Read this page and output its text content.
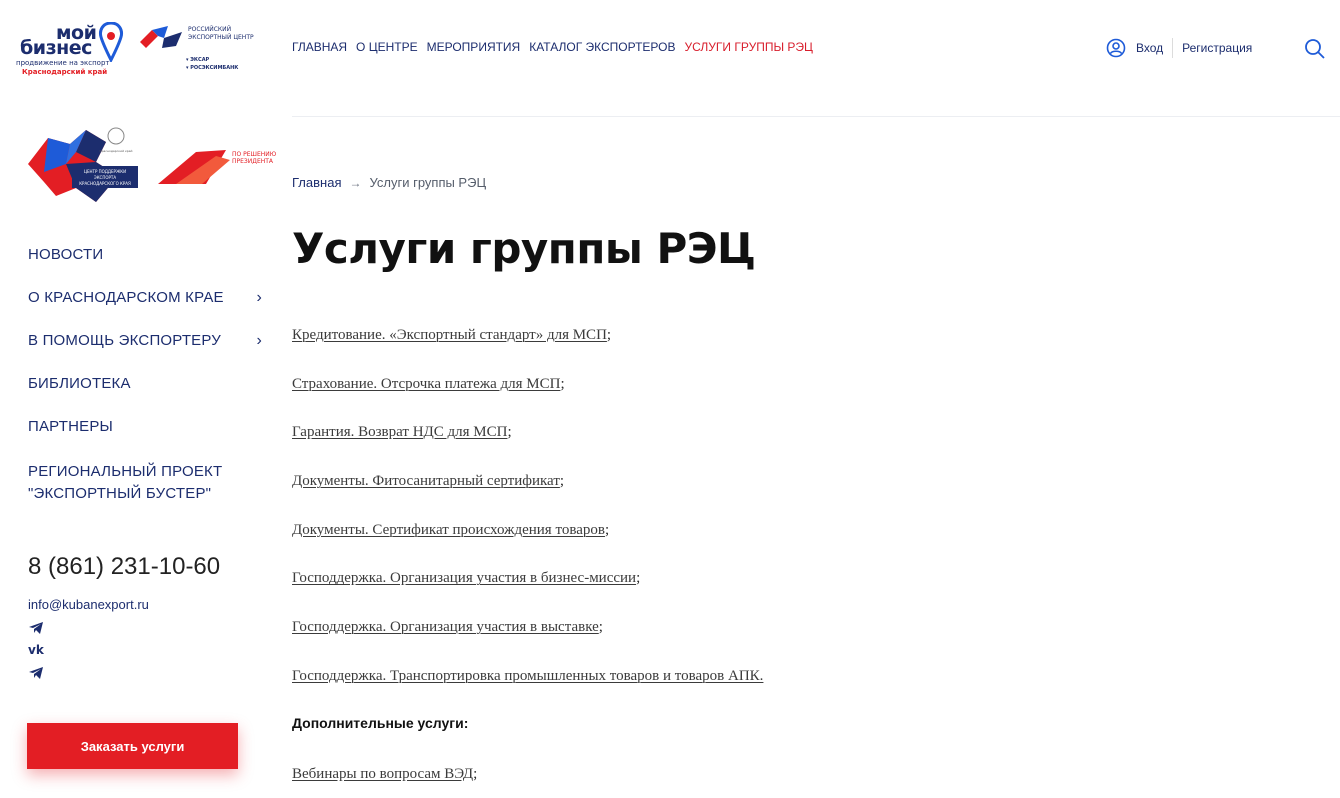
мой
бизнес
продвижение на экспорт
Краснодарский край
РОССИЙСКИЙ
ЭКСПОРТНЫЙ ЦЕНТР
▾ ЭКСАР
▾ РОСЭКСИМБАНК
ГЛАВНАЯ О ЦЕНТРЕ МЕРОПРИЯТИЯ КАТАЛОГ ЭКСПОРТЕРОВ УСЛУГИ ГРУППЫ РЭЦ	Вход Регистрация
ЦЕНТР ПОДДЕРЖКИ
ЭКСПОРТА
КРАСНОДАРСКОГО КРАЯ
Краснодарский край	ПО РЕШЕНИЮ
ПРЕЗИДЕНТА
НОВОСТИ
О КРАСНОДАРСКОМ КРАЕ ›
В ПОМОЩЬ ЭКСПОРТЕРУ ›
БИБЛИОТЕКА
ПАРТНЕРЫ
РЕГИОНАЛЬНЫЙ ПРОЕКТ "ЭКСПОРТНЫЙ БУСТЕР"
8 (861) 231-10-60
info@kubanexport.ru
vk
Заказать услуги
Главная → Услуги группы РЭЦ
Услуги группы РЭЦ
Кредитование. «Экспортный стандарт» для МСП;
Страхование. Отсрочка платежа для МСП;
Гарантия. Возврат НДС для МСП;
Документы. Фитосанитарный сертификат;
Документы. Сертификат происхождения товаров;
Господдержка. Организация участия в бизнес-миссии;
Господдержка. Организация участия в выставке;
Господдержка. Транспортировка промышленных товаров и товаров АПК.
Дополнительные услуги:
Вебинары по вопросам ВЭД;
